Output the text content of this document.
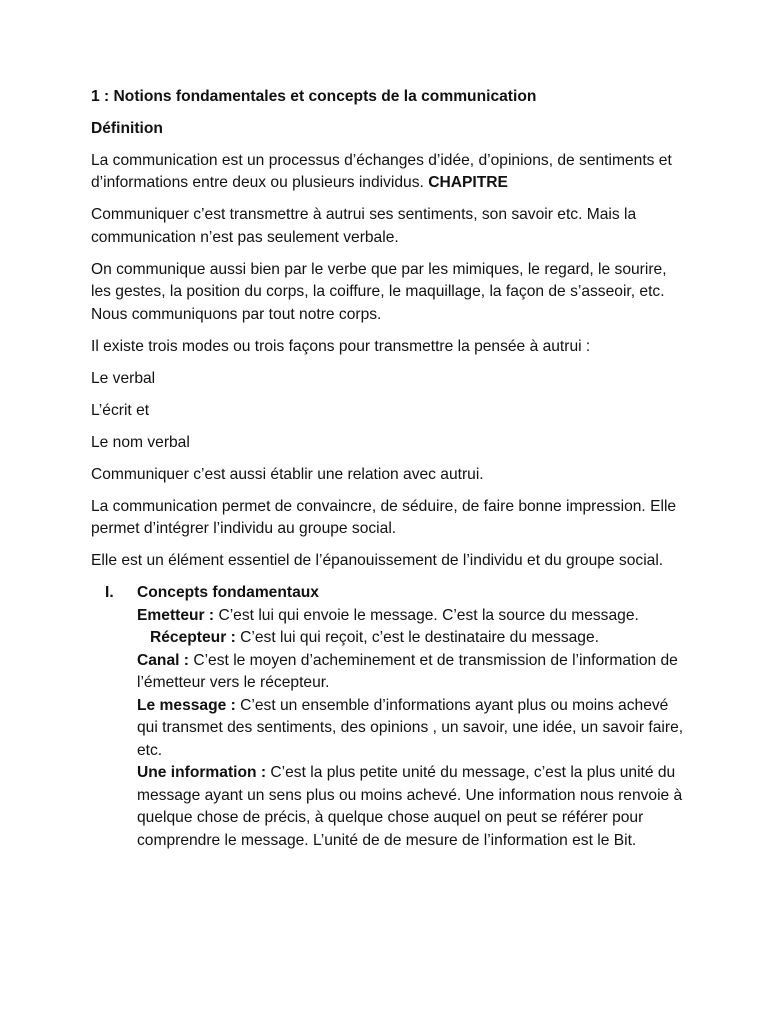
1 : Notions fondamentales et concepts de la communication

Définition

La communication est un processus d’échanges d’idée, d’opinions, de sentiments et d’informations entre deux ou plusieurs individus. CHAPITRE

Communiquer c’est transmettre à autrui ses sentiments, son savoir etc. Mais la communication n’est pas seulement verbale.

On communique aussi bien par le verbe que par les mimiques, le regard, le sourire, les gestes, la position du corps, la coiffure, le maquillage, la façon de s’asseoir, etc. Nous communiquons par tout notre corps.

Il existe trois modes ou trois façons pour transmettre la pensée à autrui :

Le verbal

L’écrit et

Le nom verbal

Communiquer c’est aussi établir une relation avec autrui.

La communication permet de convaincre, de séduire, de faire bonne impression. Elle permet d’intégrer l’individu au groupe social.

Elle est un élément essentiel de l’épanouissement de l’individu et du groupe social.

I. Concepts fondamentaux
Emetteur : C’est lui qui envoie le message. C’est la source du message.
Récepteur : C’est lui qui reçoit, c’est le destinataire du message.
Canal : C’est le moyen d’acheminement et de transmission de l’information de l’émetteur vers le récepteur.
Le message : C’est un ensemble d’informations ayant plus ou moins achevé qui transmet des sentiments, des opinions , un savoir, une idée, un savoir faire, etc.
Une information : C’est la plus petite unité du message, c’est la plus unité du message ayant un sens plus ou moins achevé. Une information nous renvoie à quelque chose de précis, à quelque chose auquel on peut se référer pour comprendre le message. L’unité de de mesure de l’information est le Bit.
